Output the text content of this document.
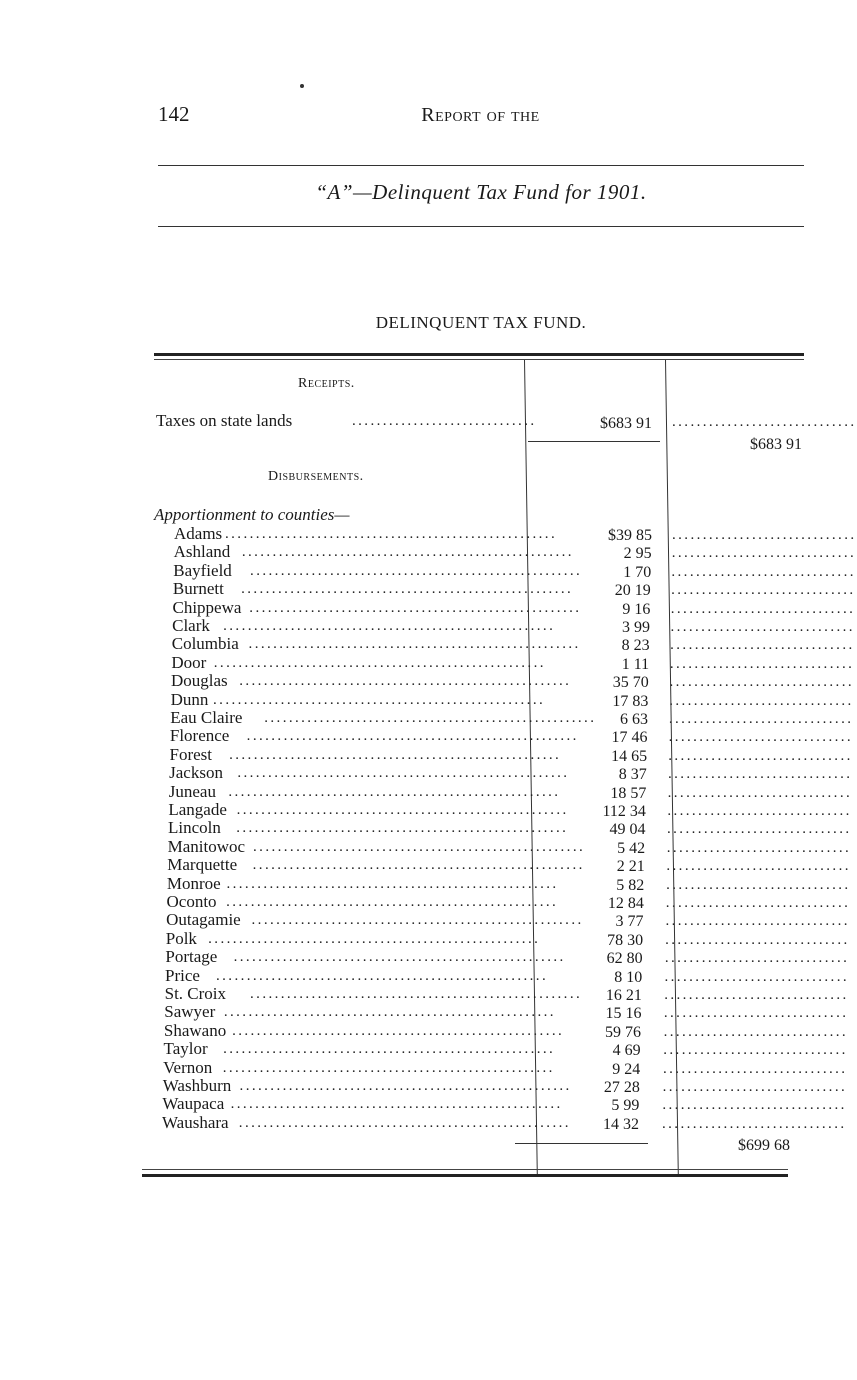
142	Report of the
“A”—Delinquent Tax Fund for 1901.
DELINQUENT TAX FUND.
Receipts.
Taxes on state lands	..............................	$683 91 ..............................
$683 91
Disbursements.
Apportionment to counties—
Adams ......................................................	$39 85 ..............................
Ashland ......................................................	2 95 ..............................
Bayfield ......................................................	1 70 ..............................
Burnett ......................................................	20 19 ..............................
Chippewa ......................................................	9 16 ..............................
Clark ......................................................	3 99 ..............................
Columbia ......................................................	8 23 ..............................
Door ......................................................	1 11 ..............................
Douglas ......................................................	35 70 ..............................
Dunn ......................................................	17 83 ..............................
Eau Claire ......................................................	6 63 ..............................
Florence ......................................................	17 46 ..............................
Forest ......................................................	14 65 ..............................
Jackson ......................................................	8 37 ..............................
Juneau ......................................................	18 57 ..............................
Langade ......................................................	112 34 ..............................
Lincoln ......................................................	49 04 ..............................
Manitowoc ......................................................	5 42 ..............................
Marquette ......................................................	2 21 ..............................
Monroe ......................................................	5 82 ..............................
Oconto ......................................................	12 84 ..............................
Outagamie ......................................................	3 77 ..............................
Polk ......................................................	78 30 ..............................
Portage ......................................................	62 80 ..............................
Price ......................................................	8 10 ..............................
St. Croix ......................................................	16 21 ..............................
Sawyer ......................................................	15 16 ..............................
Shawano ......................................................	59 76 ..............................
Taylor ......................................................	4 69 ..............................
Vernon ......................................................	9 24 ..............................
Washburn ......................................................	27 28 ..............................
Waupaca ......................................................	5 99 ..............................
Waushara ......................................................	14 32 ..............................
$699 68
